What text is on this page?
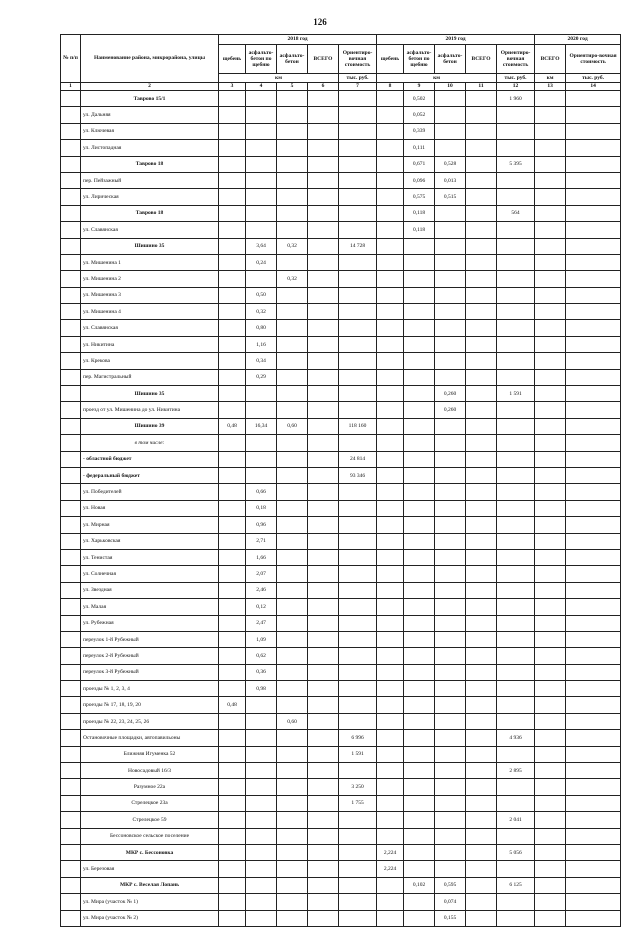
126
№ п/п	Наименование района, микрорайона, улицы	2018 год					2019 год					2020 год	
		щебень	асфальто-бетон по щебню	асфальто-бетон	ВСЕГО	Ориентиро-вочная стоимость	щебень	асфальто-бетон по щебню	асфальто-бетон	ВСЕГО	Ориентиро-вочная стоимость	ВСЕГО	Ориентиро-вочная стоимость
		км				тыс. руб.	км				тыс. руб.	км	тыс. руб.
1	2	3	4	5	6	7	8	9	10	11	12	13	14
	Таврово 15/1							0,502			1 960		
	ул. Дальняя							0,052					
	ул. Ключевая							0,339					
	ул. Листопадная							0,111					
	Таврово 18							0,671	0,528		5 395		
	пер. Пейзажный							0,096	0,013				
	ул. Лирическая							0,575	0,515				
	Таврово 18							0,118			564		
	ул. Славянская							0,118					
	Шишино 35		3,64	0,32		14 728							
	ул. Мишенина 1		0,24										
	ул. Мишенина 2			0,32									
	ул. Мишенина 3		0,50										
	ул. Мишенина 4		0,32										
	ул. Славянская		0,80										
	ул. Никитина		1,16										
	ул. Крекова		0,34										
	пер. Магистральный		0,29										
	Шишино 35								0,260		1 591		
	проезд от ул. Мишенина до ул. Никитина								0,260				
	Шишино 39	0,48	16,34	0,60		118 160							
	в том числе:												
	- областной бюджет					24 814							
	- федеральный бюджет					93 346							
	ул. Победителей		0,66										
	ул. Новая		0,18										
	ул. Мирная		0,96										
	ул. Харьковская		2,71										
	ул. Тенистая		1,66										
	ул. Солнечная		2,07										
	ул. Звездная		2,46										
	ул. Малая		0,12										
	ул. Рубежная		2,47										
	переулок 1-й Рубежный		1,09										
	переулок 2-й Рубежный		0,62										
	переулок 3-й Рубежный		0,36										
	проезды № 1, 2, 3, 4		0,98										
	проезды № 17, 18, 19, 20	0,48											
	проезды № 22, 23, 24, 25, 26			0,60									
	Остановочные площадки, автопавильоны					6 996					4 936		
	Ближняя Игуменка 52					1 591							
	Новосадовый 16/3										2 895		
	Разумное 22а					3 250							
	Стрелецкое 23а					1 755							
	Стрелецкое 59										2 041		
	Бессоновское сельское поселение												
	МКР с. Бессоновка						2,224				5 056		
	ул. Березовая						2,224						
	МКР с. Веселая Лопань							0,102	0,595		6 125		
	ул. Мира (участок № 1)								0,074				
	ул. Мира (участок № 2)								0,155				
